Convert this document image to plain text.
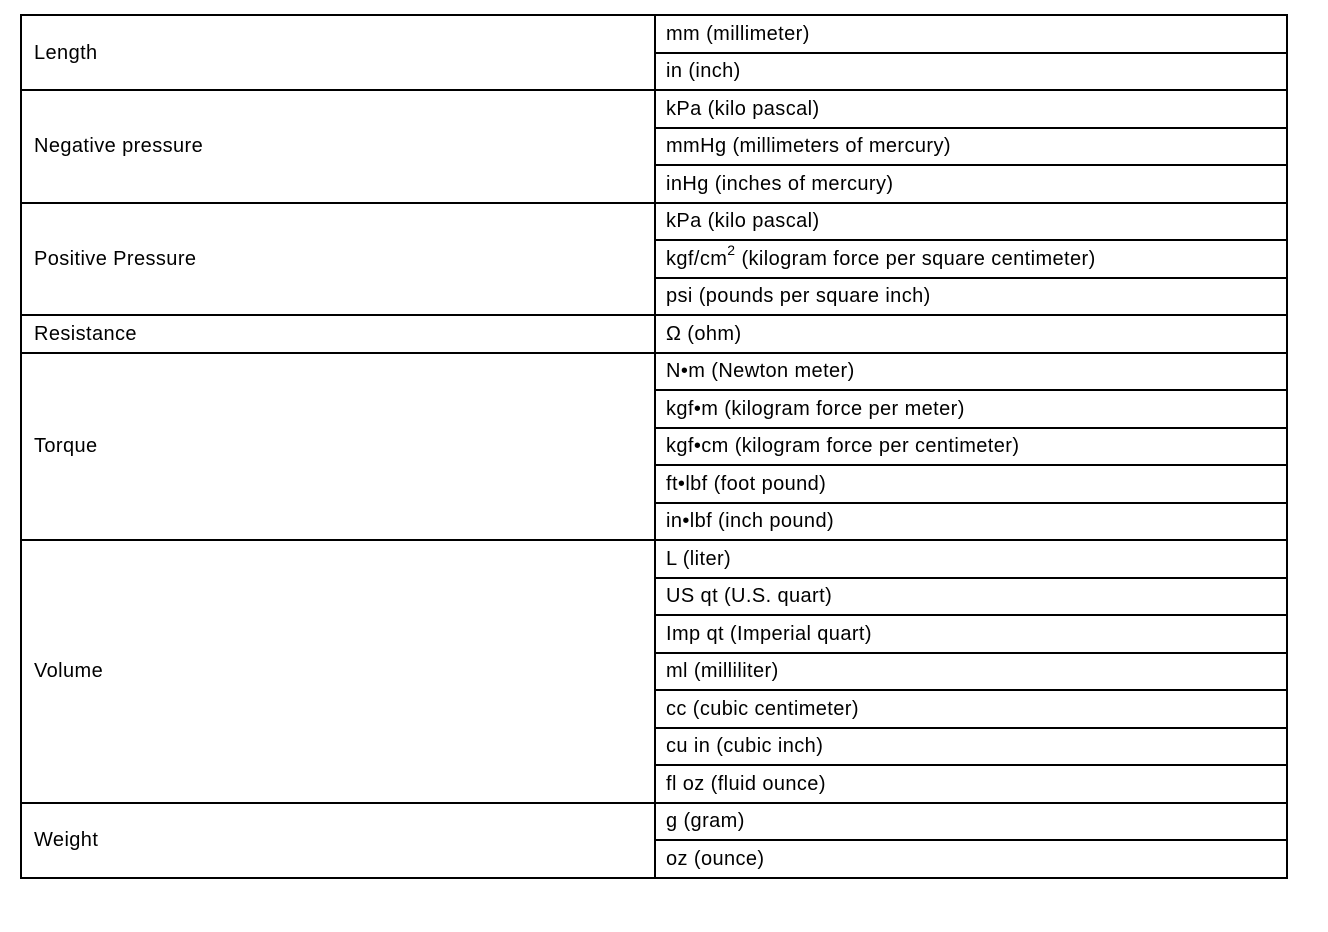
Length	mm (millimeter)
	in (inch)
Negative pressure	kPa (kilo pascal)
	mmHg (millimeters of mercury)
	inHg (inches of mercury)
Positive Pressure	kPa (kilo pascal)
	kgf/$cm^2$ (kilogram force per square centimeter)
	psi (pounds per square inch)
Resistance	Ω (ohm)
Torque	N•m (Newton meter)
	kgf•m (kilogram force per meter)
	kgf•cm (kilogram force per centimeter)
	ft•lbf (foot pound)
	in•lbf (inch pound)
Volume	L (liter)
	US qt (U.S. quart)
	Imp qt (Imperial quart)
	ml (milliliter)
	cc (cubic centimeter)
	cu in (cubic inch)
	fl oz (fluid ounce)
Weight	g (gram)
	oz (ounce)
